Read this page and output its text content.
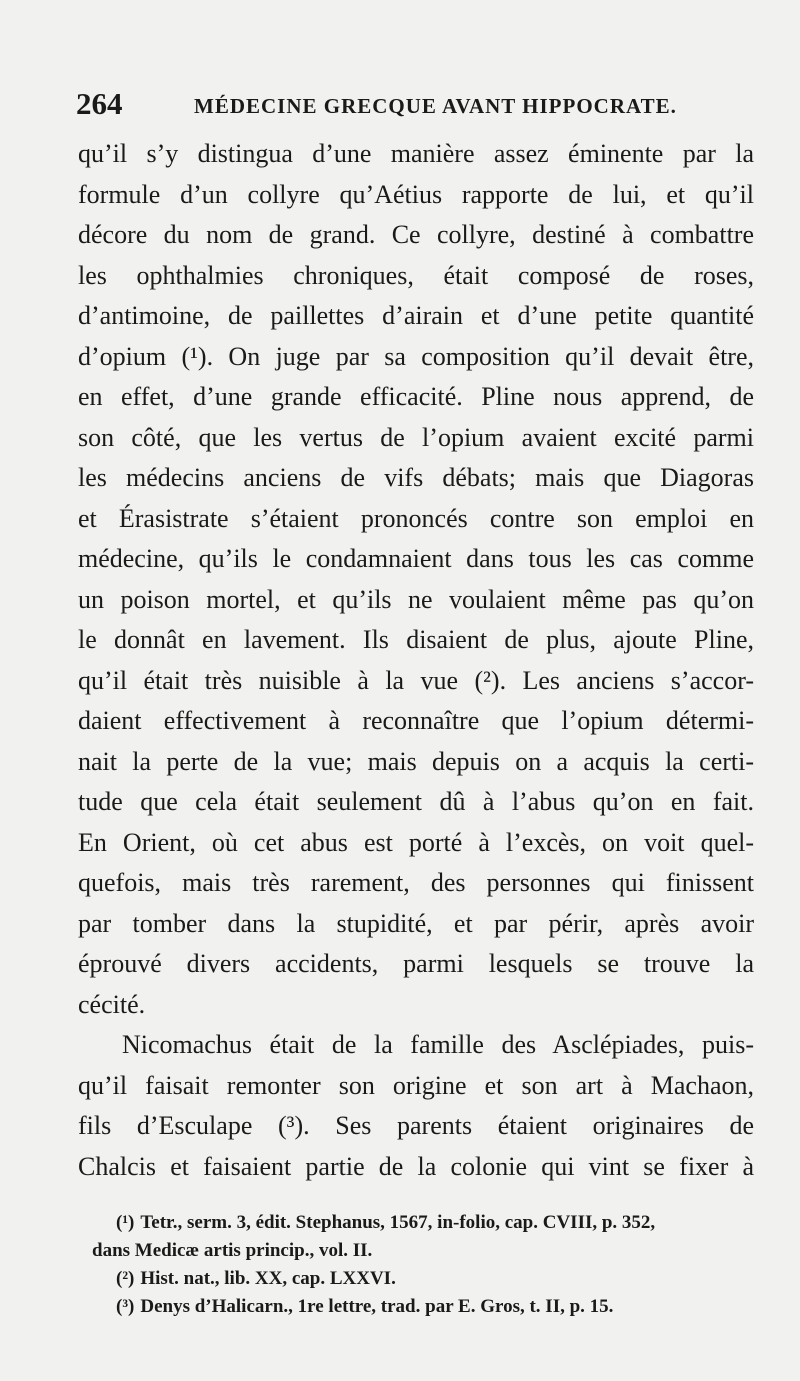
264	MÉDECINE GRECQUE AVANT HIPPOCRATE.
qu’il s’y distingua d’une manière assez éminente par la
formule d’un collyre qu’Aétius rapporte de lui, et qu’il
décore du nom de grand. Ce collyre, destiné à combattre
les ophthalmies chroniques, était composé de roses,
d’antimoine, de paillettes d’airain et d’une petite quantité
d’opium (¹). On juge par sa composition qu’il devait être,
en effet, d’une grande efficacité. Pline nous apprend, de
son côté, que les vertus de l’opium avaient excité parmi
les médecins anciens de vifs débats; mais que Diagoras
et Érasistrate s’étaient prononcés contre son emploi en
médecine, qu’ils le condamnaient dans tous les cas comme
un poison mortel, et qu’ils ne voulaient même pas qu’on
le donnât en lavement. Ils disaient de plus, ajoute Pline,
qu’il était très nuisible à la vue (²). Les anciens s’accor-
daient effectivement à reconnaître que l’opium détermi-
nait la perte de la vue; mais depuis on a acquis la certi-
tude que cela était seulement dû à l’abus qu’on en fait.
En Orient, où cet abus est porté à l’excès, on voit quel-
quefois, mais très rarement, des personnes qui finissent
par tomber dans la stupidité, et par périr, après avoir
éprouvé divers accidents, parmi lesquels se trouve la
cécité.
Nicomachus était de la famille des Asclépiades, puis-
qu’il faisait remonter son origine et son art à Machaon,
fils d’Esculape (³). Ses parents étaient originaires de
Chalcis et faisaient partie de la colonie qui vint se fixer à
(¹) Tetr., serm. 3, édit. Stephanus, 1567, in-folio, cap. CVIII, p. 352,
dans Medicæ artis princip., vol. II.
(²) Hist. nat., lib. XX, cap. LXXVI.
(³) Denys d’Halicarn., 1re lettre, trad. par E. Gros, t. II, p. 15.
